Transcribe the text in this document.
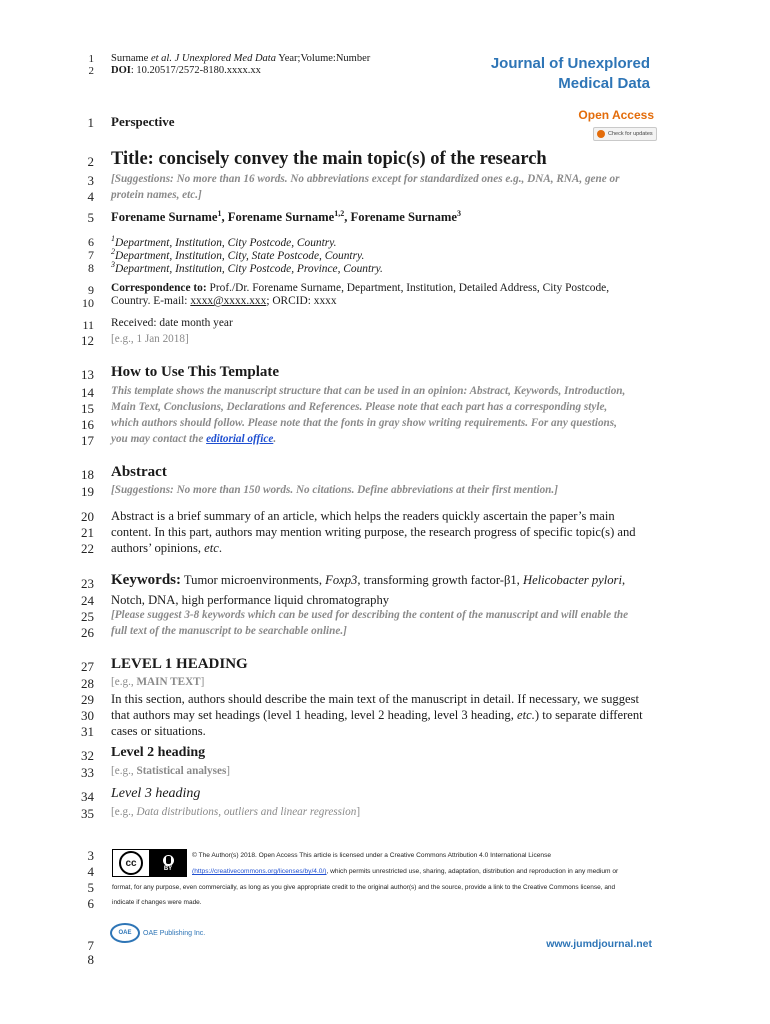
1
2
Surname et al. J Unexplored Med Data Year;Volume:Number
DOI: 10.20517/2572-8180.xxxx.xx	Journal of Unexplored
Medical Data
Open Access
Check for updates
1 Perspective
2 Title: concisely convey the main topic(s) of the research
3 [Suggestions: No more than 16 words. No abbreviations except for standardized ones e.g., DNA, RNA, gene or
4 protein names, etc.]
5 Forename Surname$^1$, Forename Surname$^{1,2}$, Forename Surname$^3$
6 $^1$Department, Institution, City Postcode, Country.
7 $^2$Department, Institution, City, State Postcode, Country.
8 $^3$Department, Institution, City Postcode, Province, Country.
9 Correspondence to: Prof./Dr. Forename Surname, Department, Institution, Detailed Address, City Postcode,
10 Country. E-mail: xxxx@xxxx.xxx; ORCID: xxxx
11 Received: date month year
12 [e.g., 1 Jan 2018]
13 How to Use This Template
14 This template shows the manuscript structure that can be used in an opinion: Abstract, Keywords, Introduction,
15 Main Text, Conclusions, Declarations and References. Please note that each part has a corresponding style,
16 which authors should follow. Please note that the fonts in gray show writing requirements. For any questions,
17 you may contact the editorial office.
18 Abstract
19 [Suggestions: No more than 150 words. No citations. Define abbreviations at their first mention.]
20 Abstract is a brief summary of an article, which helps the readers quickly ascertain the paper’s main
21 content. In this part, authors may mention writing purpose, the research progress of specific topic(s) and
22 authors’ opinions, etc.
23 Keywords: Tumor microenvironments, Foxp3, transforming growth factor-β1, Helicobacter pylori,
24 Notch, DNA, high performance liquid chromatography
25 [Please suggest 3-8 keywords which can be used for describing the content of the manuscript and will enable the
26 full text of the manuscript to be searchable online.]
27 LEVEL 1 HEADING
28 [e.g., MAIN TEXT]
29 In this section, authors should describe the main text of the manuscript in detail. If necessary, we suggest
30 that authors may set headings (level 1 heading, level 2 heading, level 3 heading, etc.) to separate different
31 cases or situations.
32 Level 2 heading
33 [e.g., Statistical analyses]
34 Level 3 heading
35 [e.g., Data distributions, outliers and linear regression]
3
4
5
6
cc	BY
© The Author(s) 2018. Open Access This article is licensed under a Creative Commons Attribution 4.0 International License
(https://creativecommons.org/licenses/by/4.0/), which permits unrestricted use, sharing, adaptation, distribution and reproduction in any medium or
format, for any purpose, even commercially, as long as you give appropriate credit to the original author(s) and the source, provide a link to the Creative Commons license, and
indicate if changes were made.
7
8
OAE	OAE Publishing Inc.
www.jumdjournal.net
